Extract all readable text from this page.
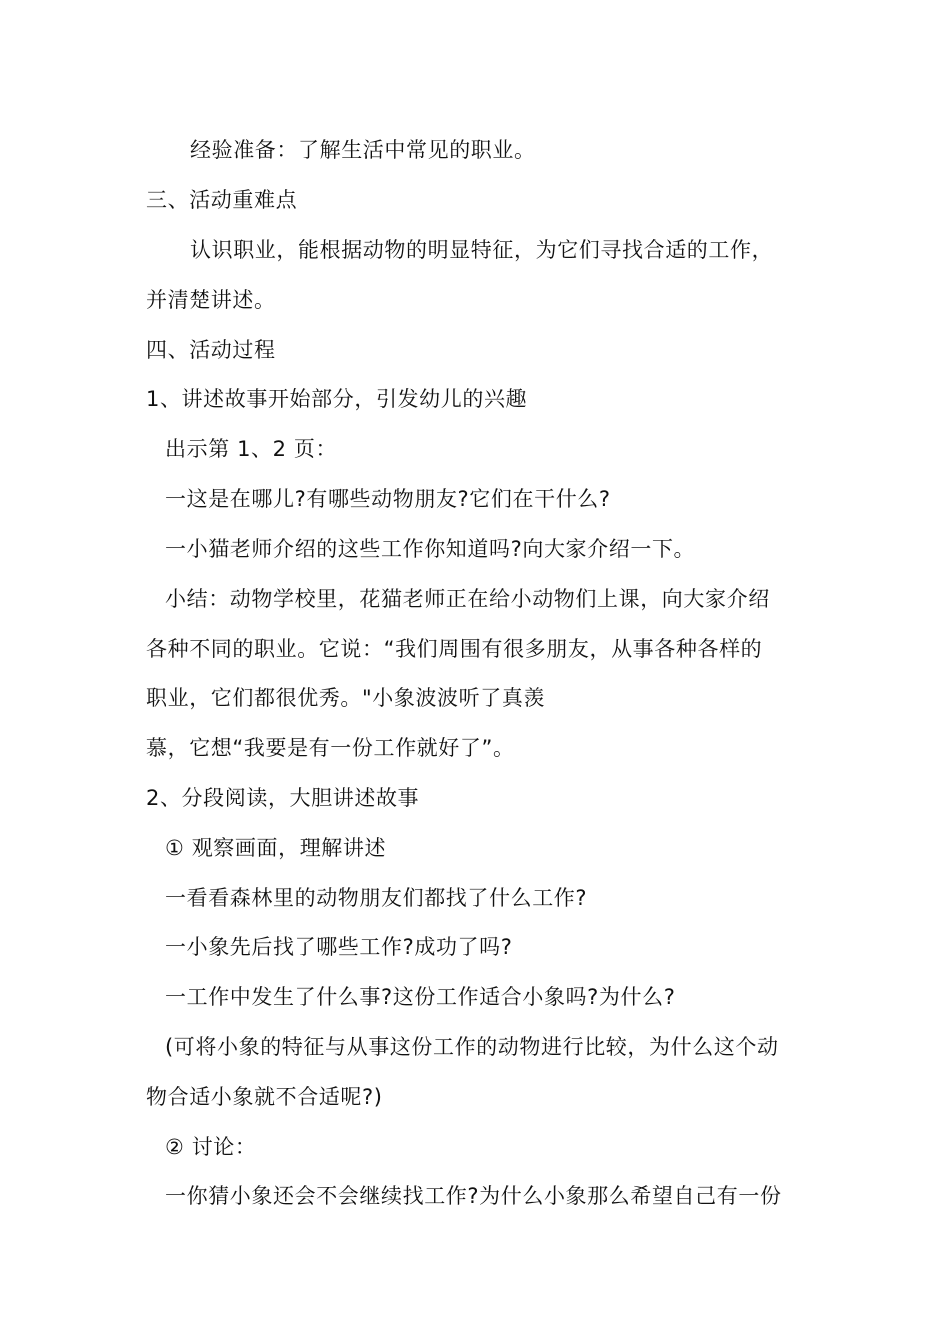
经验准备：了解生活中常见的职业。
三、活动重难点
认识职业，能根据动物的明显特征，为它们寻找合适的工作，
并清楚讲述。
四、活动过程
1、讲述故事开始部分，引发幼儿的兴趣
出示第 1、2 页：
一这是在哪儿?有哪些动物朋友?它们在干什么?
一小猫老师介绍的这些工作你知道吗?向大家介绍一下。
小结：动物学校里，花猫老师正在给小动物们上课，向大家介绍
各种不同的职业。它说：“我们周围有很多朋友，从事各种各样的
职业，它们都很优秀。"小象波波听了真羡
慕，它想“我要是有一份工作就好了”。
2、分段阅读，大胆讲述故事
① 观察画面，理解讲述
一看看森林里的动物朋友们都找了什么工作?
一小象先后找了哪些工作?成功了吗?
一工作中发生了什么事?这份工作适合小象吗?为什么?
(可将小象的特征与从事这份工作的动物进行比较，为什么这个动
物合适小象就不合适呢?)
② 讨论：
一你猜小象还会不会继续找工作?为什么小象那么希望自己有一份
